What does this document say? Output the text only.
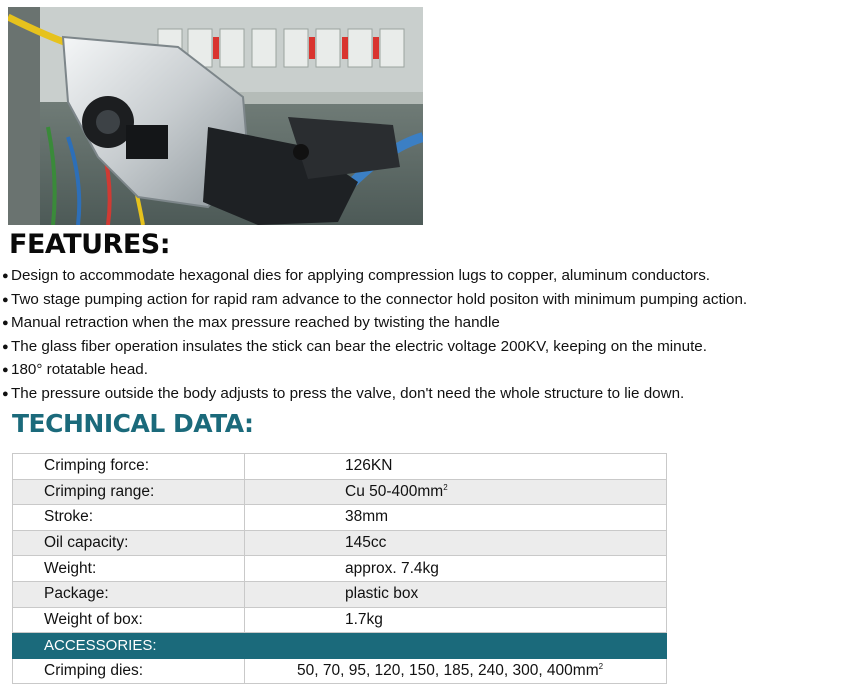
FEATURES:
● Design to accommodate hexagonal dies for applying compression lugs to copper, aluminum conductors.
● Two stage pumping action for rapid ram advance to the connector hold positon with minimum pumping action.
● Manual retraction when the max pressure reached by twisting the handle
● The glass fiber operation insulates the stick can bear the electric voltage 200KV, keeping on the minute.
● 180° rotatable head.
● The pressure outside the body adjusts to press the valve, don't need the whole structure to lie down.
TECHNICAL DATA:
Crimping force:	126KN
Crimping range:	Cu $50-400mm^2$
Stroke:	38mm
Oil capacity:	145cc
Weight:	approx. 7.4kg
Package:	plastic box
Weight of box:	1.7kg
ACCESSORIES:	
Crimping dies:	50, 70, 95, 120, 150, 185, 240, 300, $400mm^2$
